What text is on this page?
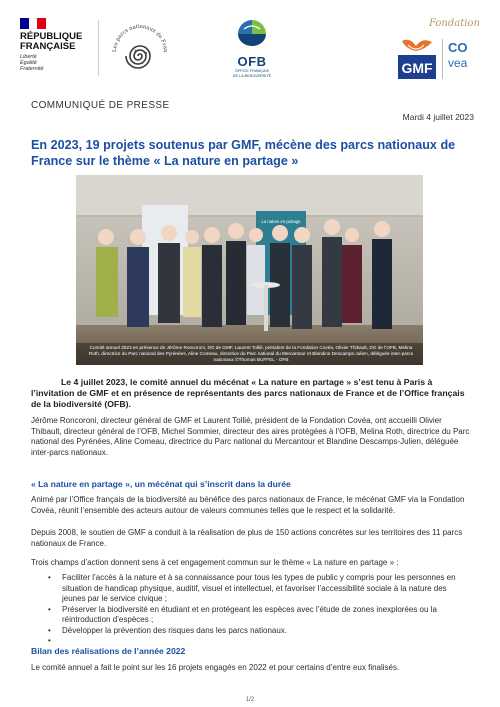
RÉPUBLIQUE
FRANÇAISE
Liberté
Égalité
Fraternité
Les parcs nationaux de Fran
OFB
OFFICE FRANÇAIS
DE LA BIODIVERSITÉ
Fondation
GMF
CO
vea
COMMUNIQUÉ DE PRESSE
Mardi 4 juillet 2023
En 2023, 19 projets soutenus par GMF, mécène des parcs nationaux de France sur le thème « La nature en partage »
La nature en partage
Comité annuel 2023 en présence de Jérôme Roncoroni, DG de GMF, Laurent Tollié, président de la Fondation Covéa, Olivier Thibault, DG de l’OFB, Melina Roth, directrice du Parc national des Pyrénées, Aline Comeau, directrice du Parc national du Mercantour et Blandine Descamps-Julien, déléguée inter-parcs nationaux ©Thomas BUFFEL - OFB
Le 4 juillet 2023, le comité annuel du mécénat « La nature en partage » s’est tenu à Paris à l’invitation de GMF et en présence de représentants des parcs nationaux de France et de l’Office français de la biodiversité (OFB).
Jérôme Roncoroni, directeur général de GMF et Laurent Tollié, président de la Fondation Covéa, ont accueilli Olivier Thibault, directeur général de l’OFB, Michel Sommier, directeur des aires protégées à l’OFB, Melina Roth, directrice du Parc national des Pyrénées, Aline Comeau, directrice du Parc national du Mercantour et Blandine Descamps-Julien, déléguée inter-parcs nationaux.
« La nature en partage », un mécénat qui s’inscrit dans la durée
Animé par l’Office français de la biodiversité au bénéfice des parcs nationaux de France, le mécénat GMF via la Fondation Covéa, réunit l’ensemble des acteurs autour de valeurs communes telles que le respect et la solidarité.
Depuis 2008, le soutien de GMF a conduit à la réalisation de plus de 150 actions concrètes sur les territoires des 11 parcs nationaux de France.
Trois champs d’action donnent sens à cet engagement commun sur le thème « La nature en partage » :
• Faciliter l’accès à la nature et à sa connaissance pour tous les types de public y compris pour les personnes en situation de handicap physique, auditif, visuel et intellectuel, et favoriser l’accessibilité sociale à la nature des jeunes par le service civique ;
• Préserver la biodiversité en étudiant et en protégeant les espèces avec l’étude de zones inexplorées ou la réintroduction d’espèces ;
• Développer la prévention des risques dans les parcs nationaux.
•
Bilan des réalisations de l’année 2022
Le comité annuel a fait le point sur les 16 projets engagés en 2022 et pour certains d’entre eux finalisés.
1/2
